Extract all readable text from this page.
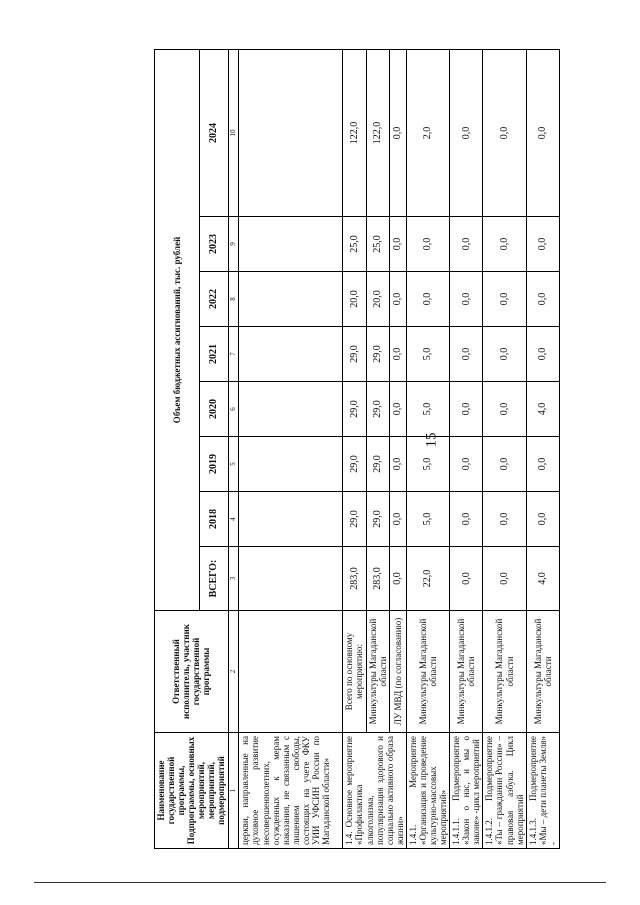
15
Наименование государственной программы, Подпрограммы, основных мероприятий, мероприятий, подмероприятий	Ответственный исполнитель, участник государственной программы	Объем бюджетных ассигнований, тыс. рублей							
		ВСЕГО:	2018	2019	2020	2021	2022	2023	2024
1	2	3	4	5	6	7	8	9	10
церкви, направленные на духовное развитие несовершеннолетних, осужденных к мерам наказания, не связанным с лишением свободы, состоящих на учете ФКУ УИИ УФСИН России по Магаданской области»									
1.4. Основное мероприятие «Профилактика алкоголизма, популяризация здорового и социально активного образа жизни»	Всего по основному мероприятию:	283,0	29,0	29,0	29,0	29,0	20,0	25,0	122,0
	Минкультуры Магаданской области	283,0	29,0	29,0	29,0	29,0	20,0	25,0	122,0
	ЛУ МВД (по согласованию)	0,0	0,0	0,0	0,0	0,0	0,0	0,0	0,0
1.4.1. Мероприятие «Организация и проведение культурно-массовых мероприятий»	Минкультуры Магаданской области	22,0	5,0	5,0	5,0	5,0	0,0	0,0	2,0
1.4.1.1. Подмероприятие «Закон о нас, и мы о законе» -цикл мероприятий	Минкультуры Магаданской области	0,0	0,0	0,0	0,0	0,0	0,0	0,0	0,0
1.4.1.2. Подмероприятие «Ты – гражданин России» – правовая азбука. Цикл мероприятий	Минкультуры Магаданской области	0,0	0,0	0,0	0,0	0,0	0,0	0,0	0,0
1.4.1.3. Подмероприятие «Мы – дети планеты Земля» -	Минкультуры Магаданской области	4,0	0,0	0,0	4,0	0,0	0,0	0,0	0,0
